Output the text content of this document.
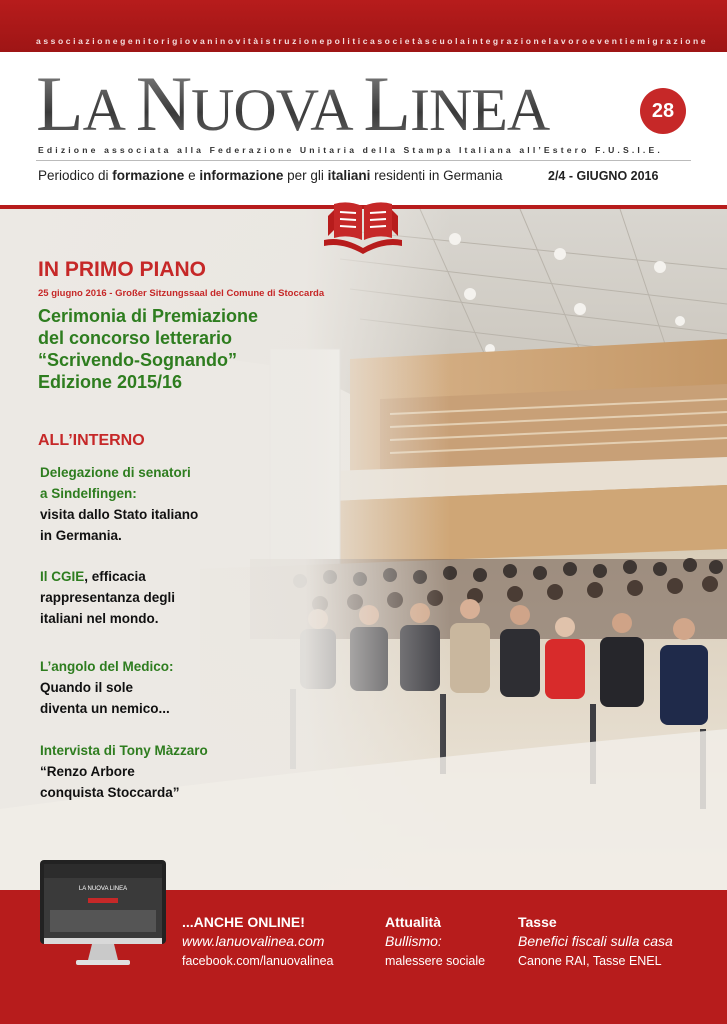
associazionegenitorigiovaninovitàistruzionepoliticasocietàscuolaintegrazionelavoroeventiemigrazione
LA NUOVA LINEA	28
Edizione associata alla Federazione Unitaria della Stampa Italiana all’Estero F.U.S.I.E.
Periodico di formazione e informazione per gli italiani residenti in Germania	2/4 - GIUGNO 2016
IN PRIMO PIANO
25 giugno 2016 - Großer Sitzungssaal del Comune di Stoccarda
Cerimonia di Premiazione
del concorso letterario
“Scrivendo-Sognando”
Edizione 2015/16
ALL’INTERNO
Delegazione di senatori
a Sindelfingen:
visita dallo Stato italiano
in Germania.
Il CGIE, efficacia
rappresentanza degli
italiani nel mondo.
L’angolo del Medico:
Quando il sole
diventa un nemico...
Intervista di Tony Màzzaro
“Renzo Arbore
conquista Stoccarda”
LA NUOVA LINEA
...ANCHE ONLINE!
www.lanuovalinea.com
facebook.com/lanuovalinea
Attualità
Bullismo:
malessere sociale
Tasse
Benefici fiscali sulla casa
Canone RAI, Tasse ENEL
